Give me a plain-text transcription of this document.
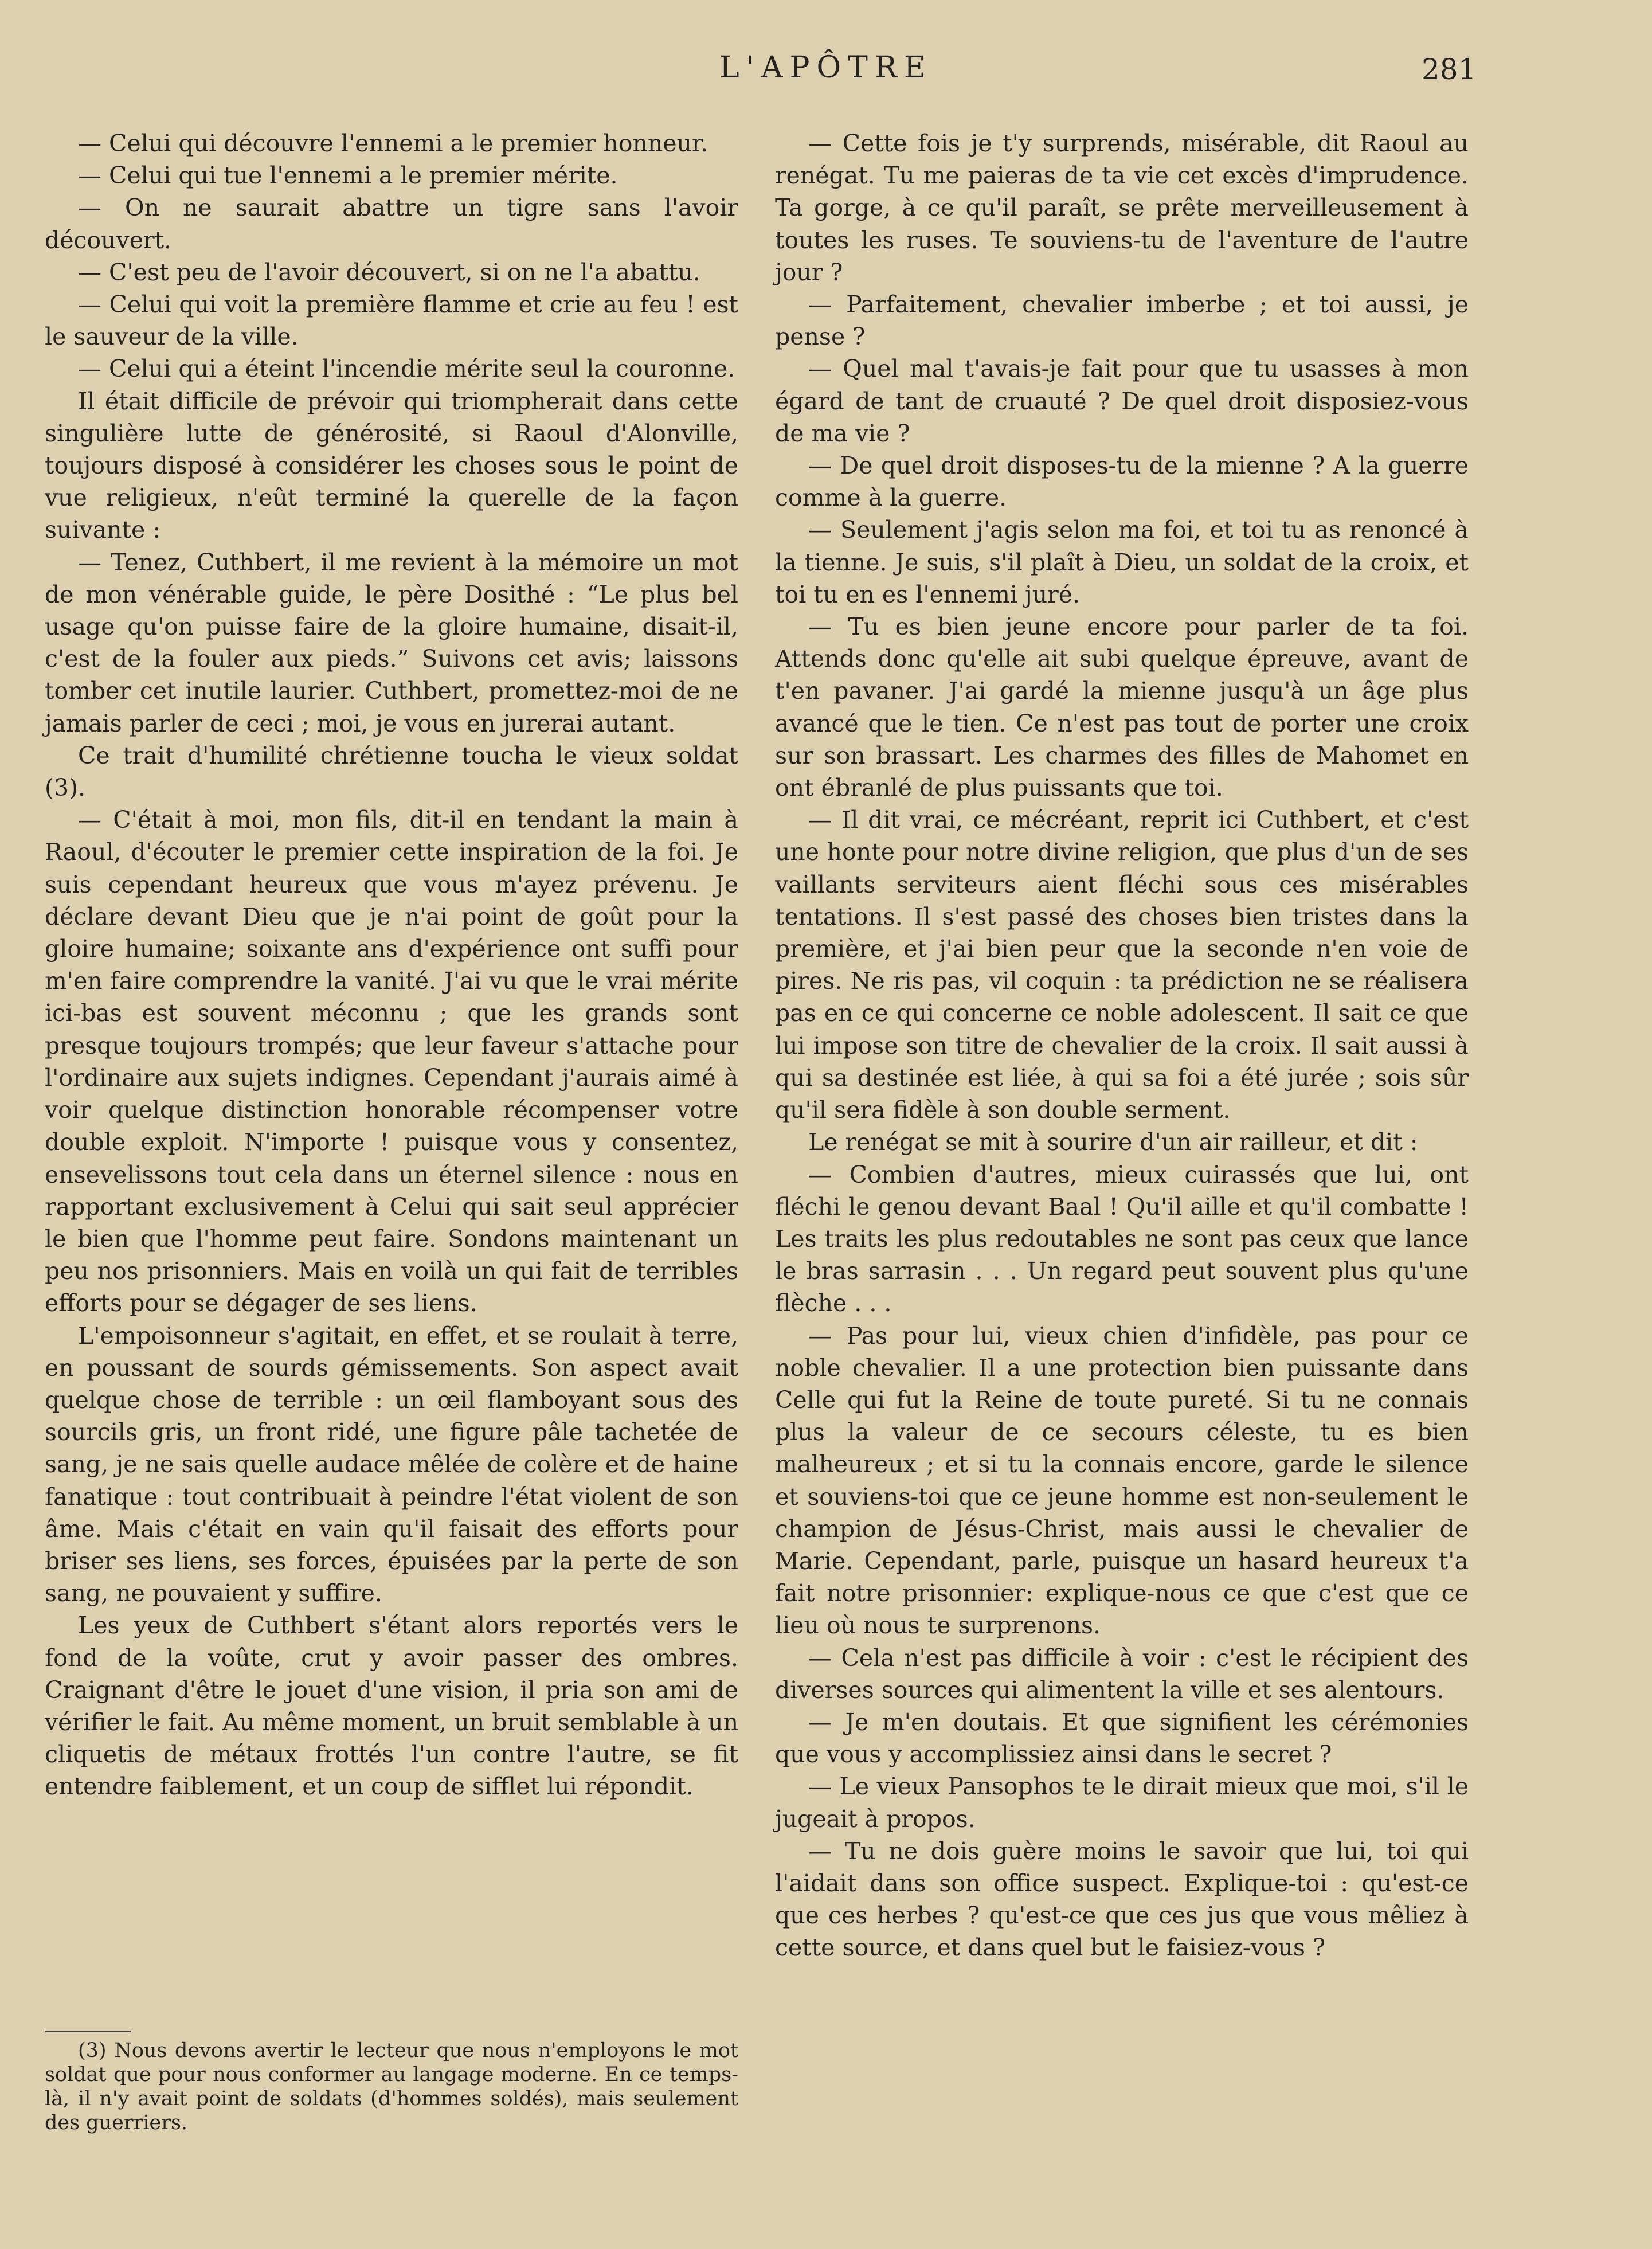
L'APÔTRE	281

— Celui qui découvre l'ennemi a le premier honneur.

— Celui qui tue l'ennemi a le premier mérite.

— On ne saurait abattre un tigre sans l'avoir découvert.

— C'est peu de l'avoir découvert, si on ne l'a abattu.

— Celui qui voit la première flamme et crie au feu ! est le sauveur de la ville.

— Celui qui a éteint l'incendie mérite seul la couronne.

Il était difficile de prévoir qui triompherait dans cette singulière lutte de générosité, si Raoul d'Alonville, toujours disposé à considérer les choses sous le point de vue religieux, n'eût terminé la querelle de la façon suivante :

— Tenez, Cuthbert, il me revient à la mémoire un mot de mon vénérable guide, le père Dosithé : “Le plus bel usage qu'on puisse faire de la gloire humaine, disait-il, c'est de la fouler aux pieds.” Suivons cet avis; laissons tomber cet inutile laurier. Cuthbert, promettez-moi de ne jamais parler de ceci ; moi, je vous en jurerai autant.

Ce trait d'humilité chrétienne toucha le vieux soldat (3).

— C'était à moi, mon fils, dit-il en tendant la main à Raoul, d'écouter le premier cette inspiration de la foi. Je suis cependant heureux que vous m'ayez prévenu. Je déclare devant Dieu que je n'ai point de goût pour la gloire humaine; soixante ans d'expérience ont suffi pour m'en faire comprendre la vanité. J'ai vu que le vrai mérite ici-bas est souvent méconnu ; que les grands sont presque toujours trompés; que leur faveur s'attache pour l'ordinaire aux sujets indignes. Cependant j'aurais aimé à voir quelque distinction honorable récompenser votre double exploit. N'importe ! puisque vous y consentez, ensevelissons tout cela dans un éternel silence : nous en rapportant exclusivement à Celui qui sait seul apprécier le bien que l'homme peut faire. Sondons maintenant un peu nos prisonniers. Mais en voilà un qui fait de terribles efforts pour se dégager de ses liens.

L'empoisonneur s'agitait, en effet, et se roulait à terre, en poussant de sourds gémissements. Son aspect avait quelque chose de terrible : un œil flamboyant sous des sourcils gris, un front ridé, une figure pâle tachetée de sang, je ne sais quelle audace mêlée de colère et de haine fanatique : tout contribuait à peindre l'état violent de son âme. Mais c'était en vain qu'il faisait des efforts pour briser ses liens, ses forces, épuisées par la perte de son sang, ne pouvaient y suffire.

Les yeux de Cuthbert s'étant alors reportés vers le fond de la voûte, crut y avoir passer des ombres. Craignant d'être le jouet d'une vision, il pria son ami de vérifier le fait. Au même moment, un bruit semblable à un cliquetis de métaux frottés l'un contre l'autre, se fit entendre faiblement, et un coup de sifflet lui répondit.

— Cette fois je t'y surprends, misérable, dit Raoul au renégat. Tu me paieras de ta vie cet excès d'imprudence. Ta gorge, à ce qu'il paraît, se prête merveilleusement à toutes les ruses. Te souviens-tu de l'aventure de l'autre jour ?

— Parfaitement, chevalier imberbe ; et toi aussi, je pense ?

— Quel mal t'avais-je fait pour que tu usasses à mon égard de tant de cruauté ? De quel droit disposiez-vous de ma vie ?

— De quel droit disposes-tu de la mienne ? A la guerre comme à la guerre.

— Seulement j'agis selon ma foi, et toi tu as renoncé à la tienne. Je suis, s'il plaît à Dieu, un soldat de la croix, et toi tu en es l'ennemi juré.

— Tu es bien jeune encore pour parler de ta foi. Attends donc qu'elle ait subi quelque épreuve, avant de t'en pavaner. J'ai gardé la mienne jusqu'à un âge plus avancé que le tien. Ce n'est pas tout de porter une croix sur son brassart. Les charmes des filles de Mahomet en ont ébranlé de plus puissants que toi.

— Il dit vrai, ce mécréant, reprit ici Cuthbert, et c'est une honte pour notre divine religion, que plus d'un de ses vaillants serviteurs aient fléchi sous ces misérables tentations. Il s'est passé des choses bien tristes dans la première, et j'ai bien peur que la seconde n'en voie de pires. Ne ris pas, vil coquin : ta prédiction ne se réalisera pas en ce qui concerne ce noble adolescent. Il sait ce que lui impose son titre de chevalier de la croix. Il sait aussi à qui sa destinée est liée, à qui sa foi a été jurée ; sois sûr qu'il sera fidèle à son double serment.

Le renégat se mit à sourire d'un air railleur, et dit :

— Combien d'autres, mieux cuirassés que lui, ont fléchi le genou devant Baal ! Qu'il aille et qu'il combatte ! Les traits les plus redoutables ne sont pas ceux que lance le bras sarrasin . . . Un regard peut souvent plus qu'une flèche . . .

— Pas pour lui, vieux chien d'infidèle, pas pour ce noble chevalier. Il a une protection bien puissante dans Celle qui fut la Reine de toute pureté. Si tu ne connais plus la valeur de ce secours céleste, tu es bien malheureux ; et si tu la connais encore, garde le silence et souviens-toi que ce jeune homme est non-seulement le champion de Jésus-Christ, mais aussi le chevalier de Marie. Cependant, parle, puisque un hasard heureux t'a fait notre prisonnier: explique-nous ce que c'est que ce lieu où nous te surprenons.

— Cela n'est pas difficile à voir : c'est le récipient des diverses sources qui alimentent la ville et ses alentours.

— Je m'en doutais. Et que signifient les cérémonies que vous y accomplissiez ainsi dans le secret ?

— Le vieux Pansophos te le dirait mieux que moi, s'il le jugeait à propos.

— Tu ne dois guère moins le savoir que lui, toi qui l'aidait dans son office suspect. Explique-toi : qu'est-ce que ces herbes ? qu'est-ce que ces jus que vous mêliez à cette source, et dans quel but le faisiez-vous ?

(3) Nous devons avertir le lecteur que nous n'employons le mot soldat que pour nous conformer au langage moderne. En ce temps-là, il n'y avait point de soldats (d'hommes soldés), mais seulement des guerriers.
